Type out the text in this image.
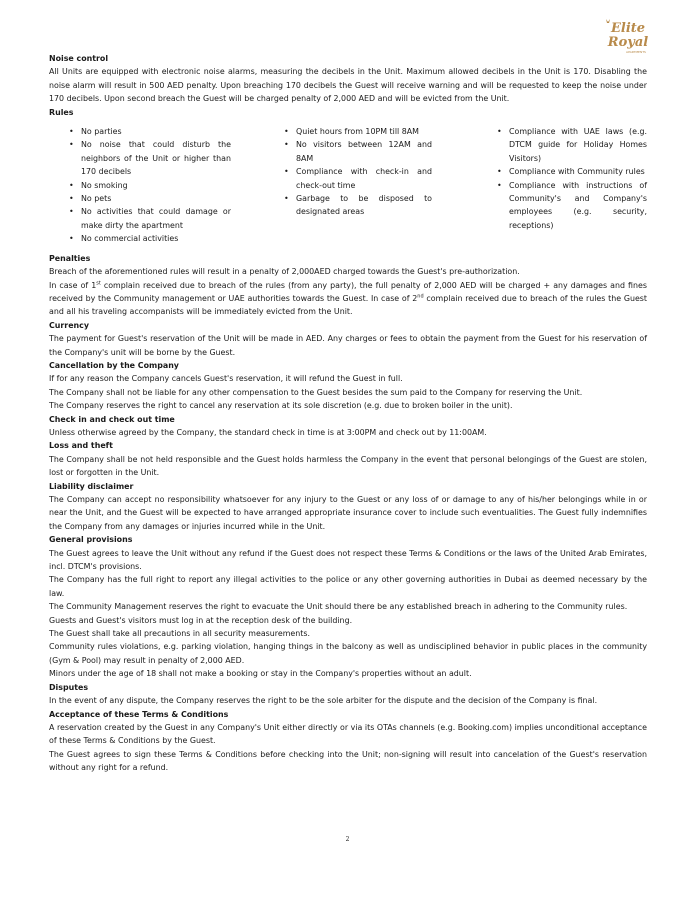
Elite
Royal
APARTMENTS
Noise control

All Units are equipped with electronic noise alarms, measuring the decibels in the Unit. Maximum allowed decibels in the Unit is 170. Disabling the noise alarm will result in 500 AED penalty. Upon breaching 170 decibels the Guest will receive warning and will be requested to keep the noise under 170 decibels. Upon second breach the Guest will be charged penalty of 2,000 AED and will be evicted from the Unit.

Rules
• No parties
• No noise that could disturb the neighbors of the Unit or higher than 170 decibels
• No smoking
• No pets
• No activities that could damage or make dirty the apartment
• No commercial activities
• Quiet hours from 10PM till 8AM
• No visitors between 12AM and 8AM
• Compliance with check-in and check-out time
• Garbage to be disposed to designated areas
• Compliance with UAE laws (e.g. DTCM guide for Holiday Homes Visitors)
• Compliance with Community rules
• Compliance with instructions of Community's and Company's employees (e.g. security, receptions)
Penalties

Breach of the aforementioned rules will result in a penalty of 2,000AED charged towards the Guest's pre-authorization.

In case of 1st complain received due to breach of the rules (from any party), the full penalty of 2,000 AED will be charged + any damages and fines received by the Community management or UAE authorities towards the Guest. In case of 2nd complain received due to breach of the rules the Guest and all his traveling accompanists will be immediately evicted from the Unit.

Currency

The payment for Guest's reservation of the Unit will be made in AED. Any charges or fees to obtain the payment from the Guest for his reservation of the Company's unit will be borne by the Guest.

Cancellation by the Company

If for any reason the Company cancels Guest's reservation, it will refund the Guest in full.

The Company shall not be liable for any other compensation to the Guest besides the sum paid to the Company for reserving the Unit.

The Company reserves the right to cancel any reservation at its sole discretion (e.g. due to broken boiler in the unit).

Check in and check out time

Unless otherwise agreed by the Company, the standard check in time is at 3:00PM and check out by 11:00AM.

Loss and theft

The Company shall be not held responsible and the Guest holds harmless the Company in the event that personal belongings of the Guest are stolen, lost or forgotten in the Unit.

Liability disclaimer

The Company can accept no responsibility whatsoever for any injury to the Guest or any loss of or damage to any of his/her belongings while in or near the Unit, and the Guest will be expected to have arranged appropriate insurance cover to include such eventualities. The Guest fully indemnifies the Company from any damages or injuries incurred while in the Unit.

General provisions

The Guest agrees to leave the Unit without any refund if the Guest does not respect these Terms & Conditions or the laws of the United Arab Emirates, incl. DTCM's provisions.

The Company has the full right to report any illegal activities to the police or any other governing authorities in Dubai as deemed necessary by the law.

The Community Management reserves the right to evacuate the Unit should there be any established breach in adhering to the Community rules.

Guests and Guest's visitors must log in at the reception desk of the building.

The Guest shall take all precautions in all security measurements.

Community rules violations, e.g. parking violation, hanging things in the balcony as well as undisciplined behavior in public places in the community (Gym & Pool) may result in penalty of 2,000 AED.

Minors under the age of 18 shall not make a booking or stay in the Company's properties without an adult.

Disputes

In the event of any dispute, the Company reserves the right to be the sole arbiter for the dispute and the decision of the Company is final.

Acceptance of these Terms & Conditions

A reservation created by the Guest in any Company's Unit either directly or via its OTAs channels (e.g. Booking.com) implies unconditional acceptance of these Terms & Conditions by the Guest.

The Guest agrees to sign these Terms & Conditions before checking into the Unit; non-signing will result into cancelation of the Guest's reservation without any right for a refund.

2
